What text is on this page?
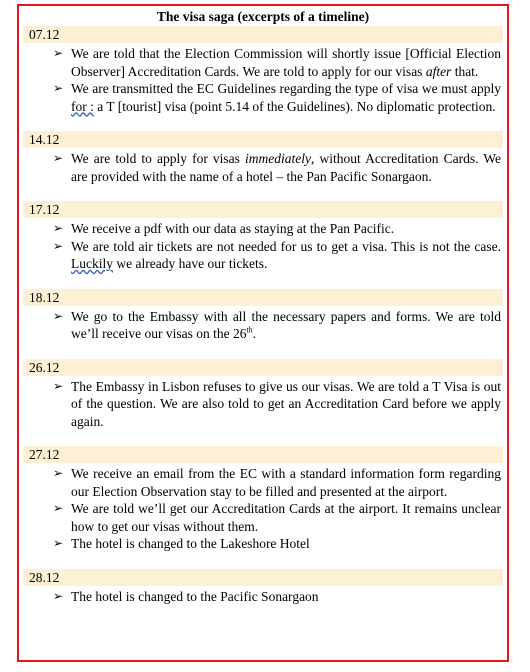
The visa saga (excerpts of a timeline)
07.12
➢ We are told that the Election Commission will shortly issue [Official Election Observer] Accreditation Cards. We are told to apply for our visas after that.
➢ We are transmitted the EC Guidelines regarding the type of visa we must apply for : a T [tourist] visa (point 5.14 of the Guidelines). No diplomatic protection.
14.12
➢ We are told to apply for visas immediately, without Accreditation Cards. We are provided with the name of a hotel – the Pan Pacific Sonargaon.
17.12
➢ We receive a pdf with our data as staying at the Pan Pacific.
➢ We are told air tickets are not needed for us to get a visa. This is not the case. Luckily we already have our tickets.
18.12
➢ We go to the Embassy with all the necessary papers and forms. We are told we’ll receive our visas on the 26th.
26.12
➢ The Embassy in Lisbon refuses to give us our visas. We are told a T Visa is out of the question. We are also told to get an Accreditation Card before we apply again.
27.12
➢ We receive an email from the EC with a standard information form regarding our Election Observation stay to be filled and presented at the airport.
➢ We are told we’ll get our Accreditation Cards at the airport. It remains unclear how to get our visas without them.
➢ The hotel is changed to the Lakeshore Hotel
28.12
➢ The hotel is changed to the Pacific Sonargaon
